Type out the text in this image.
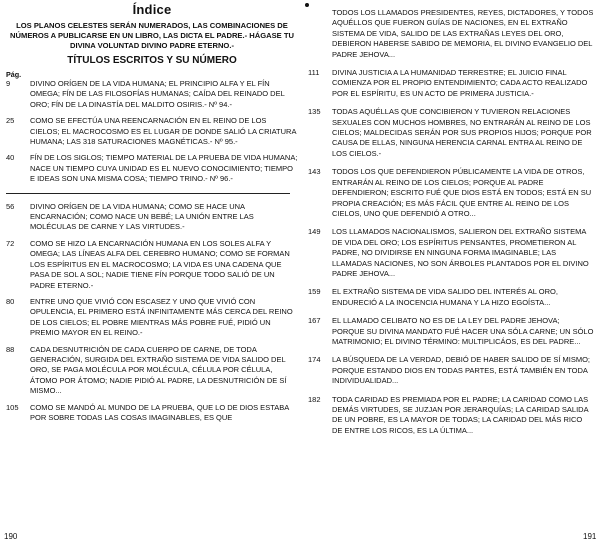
Índice
LOS PLANOS CELESTES SERÁN NUMERADOS, LAS COMBINACIONES DE NÚMEROS A PUBLICARSE EN UN LIBRO, LAS DICTA EL PADRE.- HÁGASE TU DIVINA VOLUNTAD DIVINO PADRE ETERNO.-
TÍTULOS ESCRITOS Y SU NÚMERO
Pág.
9	DIVINO ORÍGEN DE LA VIDA HUMANA; EL PRINCIPIO ALFA Y EL FÍN OMEGA; FÍN DE LAS FILOSOFÍAS HUMANAS; CAÍDA DEL REINADO DEL ORO; FÍN DE LA DINASTÍA DEL MALDITO OSIRIS.- Nº 94.-
25	COMO SE EFECTÚA UNA REENCARNACIÓN EN EL REINO DE LOS CIELOS; EL MACROCOSMO ES EL LUGAR DE DONDE SALIÓ LA CRIATURA HUMANA; LAS 318 SATURACIONES MAGNÉTICAS.- Nº 95.-
40	FÍN DE LOS SIGLOS; TIEMPO MATERIAL DE LA PRUEBA DE VIDA HUMANA; NACE UN TIEMPO CUYA UNIDAD ES EL NUEVO CONOCIMIENTO; TIEMPO E IDEAS SON UNA MISMA COSA; TIEMPO TRINO.- Nº 96.-
56	DIVINO ORÍGEN DE LA VIDA HUMANA; COMO SE HACE UNA ENCARNACIÓN; COMO NACE UN BEBÉ; LA UNIÓN ENTRE LAS MOLÉCULAS DE CARNE Y LAS VIRTUDES.-
72	COMO SE HIZO LA ENCARNACIÓN HUMANA EN LOS SOLES ALFA Y OMEGA; LAS LÍNEAS ALFA DEL CEREBRO HUMANO; COMO SE FORMAN LOS ESPÍRITUS EN EL MACROCOSMO; LA VIDA ES UNA CADENA QUE PASA DE SOL A SOL; NADIE TIENE FÍN PORQUE TODO SALIÓ DE UN PADRE ETERNO.-
80	ENTRE UNO QUE VIVIÓ CON ESCASEZ Y UNO QUE VIVIÓ CON OPULENCIA, EL PRIMERO ESTÁ INFINITAMENTE MÁS CERCA DEL REINO DE LOS CIELOS; EL POBRE MIENTRAS MÁS POBRE FUÉ, PIDIÓ UN PREMIO MAYOR EN EL REINO.-
88	CADA DESNUTRICIÓN DE CADA CUERPO DE CARNE, DE TODA GENERACIÓN, SURGIDA DEL EXTRAÑO SISTEMA DE VIDA SALIDO DEL ORO, SE PAGA MOLÉCULA POR MOLÉCULA, CÉLULA POR CÉLULA, ÁTOMO POR ÁTOMO; NADIE PIDIÓ AL PADRE, LA DESNUTRICIÓN DE SÍ MISMO...
105	COMO SE MANDÓ AL MUNDO DE LA PRUEBA, QUE LO DE DIOS ESTABA POR SOBRE TODAS LAS COSAS IMAGINABLES, ES QUE
TODOS LOS LLAMADOS PRESIDENTES, REYES, DICTADORES, Y TODOS AQUÉLLOS QUE FUERON GUÍAS DE NACIONES, EN EL EXTRAÑO SISTEMA DE VIDA, SALIDO DE LAS EXTRAÑAS LEYES DEL ORO, DEBIERON HABERSE SABIDO DE MEMORIA, EL DIVINO EVANGELIO DEL PADRE JEHOVA...
111	DIVINA JUSTICIA A LA HUMANIDAD TERRESTRE; EL JUICIO FINAL COMIENZA POR EL PROPIO ENTENDIMIENTO; CADA ACTO REALIZADO POR EL ESPÍRITU, ES UN ACTO DE PRIMERA JUSTICIA.-
135	TODAS AQUÉLLAS QUE CONCIBIERON Y TUVIERON RELACIONES SEXUALES CON MUCHOS HOMBRES, NO ENTRARÁN AL REINO DE LOS CIELOS; MALDECIDAS SERÁN POR SUS PROPIOS HIJOS; PORQUE POR CAUSA DE ELLAS, NINGUNA HERENCIA CARNAL ENTRA AL REINO DE LOS CIELOS.-
143	TODOS LOS QUE DEFENDIERON PÚBLICAMENTE LA VIDA DE OTROS, ENTRARÁN AL REINO DE LOS CIELOS; PORQUE AL PADRE DEFENDIERON; ESCRITO FUÉ QUE DIOS ESTÁ EN TODOS; ESTÁ EN SU PROPIA CREACIÓN; ES MÁS FÁCIL QUE ENTRE AL REINO DE LOS CIELOS, UNO QUE DEFENDIÓ A OTRO...
149	LOS LLAMADOS NACIONALISMOS, SALIERON DEL EXTRAÑO SISTEMA DE VIDA DEL ORO; LOS ESPÍRITUS PENSANTES, PROMETIERON AL PADRE, NO DIVIDIRSE EN NINGUNA FORMA IMAGINABLE; LAS LLAMADAS NACIONES, NO SON ÁRBOLES PLANTADOS POR EL DIVINO PADRE JEHOVA...
159	EL EXTRAÑO SISTEMA DE VIDA SALIDO DEL INTERÉS AL ORO, ENDURECIÓ A LA INOCENCIA HUMANA Y LA HIZO EGOÍSTA...
167	EL LLAMADO CELIBATO NO ES DE LA LEY DEL PADRE JEHOVA; PORQUE SU DIVINA MANDATO FUÉ HACER UNA SÓLA CARNE; UN SÓLO MATRIMONIO; EL DIVINO TÉRMINO: MULTIPLICÁOS, ES DEL PADRE...
174	LA BÚSQUEDA DE LA VERDAD, DEBIÓ DE HABER SALIDO DE SÍ MISMO; PORQUE ESTANDO DIOS EN TODAS PARTES, ESTÁ TAMBIÉN EN TODA INDIVIDUALIDAD...
182	TODA CARIDAD ES PREMIADA POR EL PADRE; LA CARIDAD COMO LAS DEMÁS VIRTUDES, SE JUZJAN POR JERARQUÍAS; LA CARIDAD SALIDA DE UN POBRE, ES LA MAYOR DE TODAS; LA CARIDAD DEL MÁS RICO DE ENTRE LOS RICOS, ES LA ÚLTIMA...
190	191
